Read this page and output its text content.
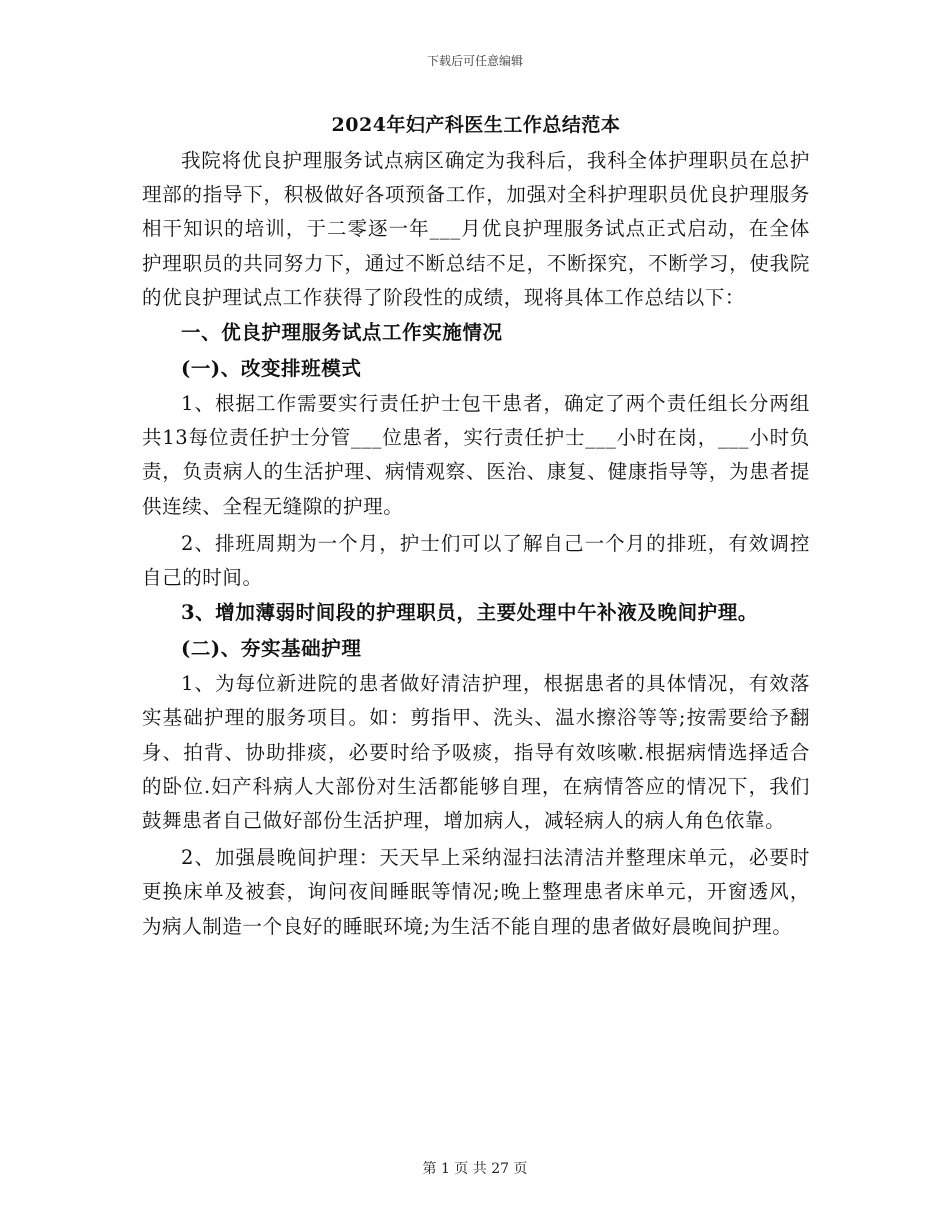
下载后可任意编辑
2024年妇产科医生工作总结范本

我院将优良护理服务试点病区确定为我科后，我科全体护理职员在总护理部的指导下，积极做好各项预备工作，加强对全科护理职员优良护理服务相干知识的培训，于二零逐一年___月优良护理服务试点正式启动，在全体护理职员的共同努力下，通过不断总结不足，不断探究，不断学习，使我院的优良护理试点工作获得了阶段性的成绩，现将具体工作总结以下：

一、优良护理服务试点工作实施情况

(一)、改变排班模式

1、根据工作需要实行责任护士包干患者，确定了两个责任组长分两组共13每位责任护士分管___位患者，实行责任护士___小时在岗，___小时负责，负责病人的生活护理、病情观察、医治、康复、健康指导等，为患者提供连续、全程无缝隙的护理。

2、排班周期为一个月，护士们可以了解自己一个月的排班，有效调控自己的时间。

3、增加薄弱时间段的护理职员，主要处理中午补液及晚间护理。

(二)、夯实基础护理

1、为每位新进院的患者做好清洁护理，根据患者的具体情况，有效落实基础护理的服务项目。如：剪指甲、洗头、温水擦浴等等;按需要给予翻身、拍背、协助排痰，必要时给予吸痰，指导有效咳嗽.根据病情选择适合的卧位.妇产科病人大部份对生活都能够自理，在病情答应的情况下，我们鼓舞患者自己做好部份生活护理，增加病人，减轻病人的病人角色依靠。

2、加强晨晚间护理：天天早上采纳湿扫法清洁并整理床单元，必要时更换床单及被套，询问夜间睡眠等情况;晚上整理患者床单元，开窗透风，为病人制造一个良好的睡眠环境;为生活不能自理的患者做好晨晚间护理。

第 1 页 共 27 页
